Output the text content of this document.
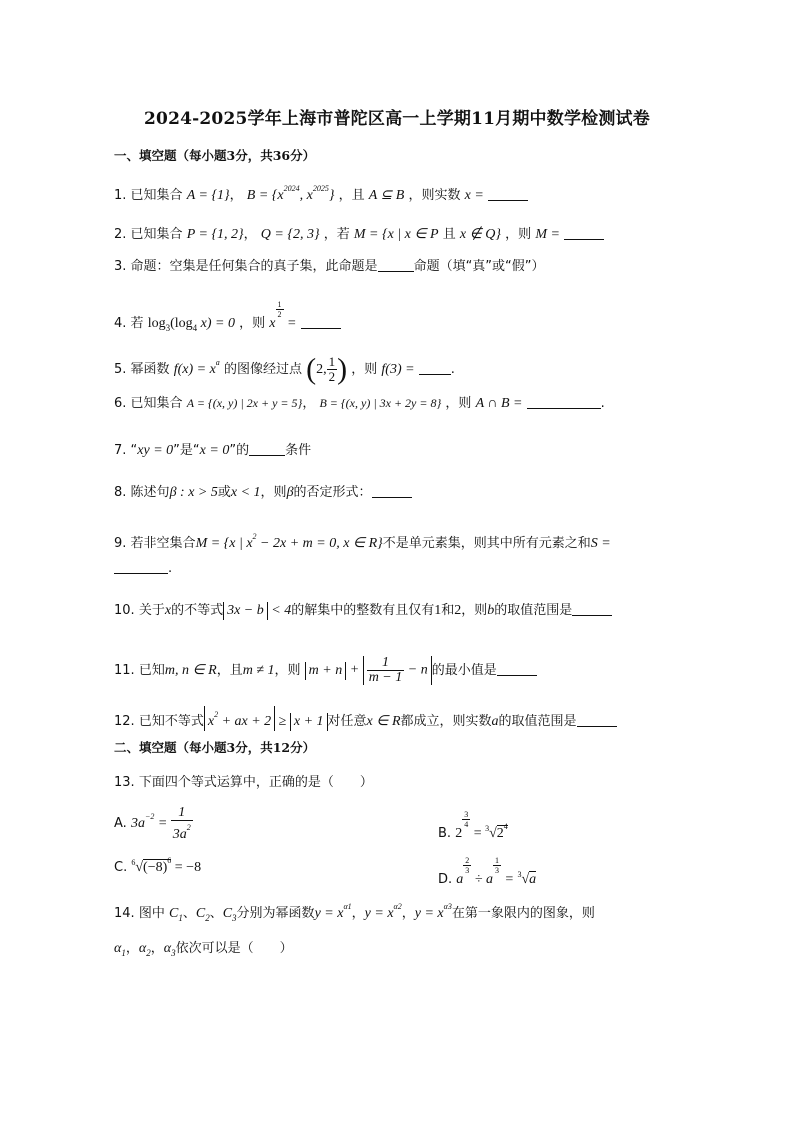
2024-2025学年上海市普陀区高一上学期11月期中数学检测试卷
一、填空题（每小题3分，共36分）
1. 已知集合 A = {1}， $B = \{x^{2024}$, $x^{2025}$} ，且 A ⊆ B ，则实数 x =
2. 已知集合 P = {1, 2}， Q = {2, 3} ，若 M = {x | x ∈ P 且 x ∉ Q} ，则 M =
3. 命题：空集是任何集合的真子集，此命题是	命题（填“真”或“假”）
4. 若 $\log_3(\log_4$ x) = 0 ，则 x
$\frac{1}{2}$
=
5. 幂函数 $f(x) = x^a$ 的图像经过点 (2, $\frac{1}{2}$ ) ，则 f(3) =	.
6. 已知集合 A = {(x, y) | 2x + y = 5}， B = {(x, y) | 3x + 2y = 8} ，则 A ∩ B =	.
7. “xy = 0”是“x = 0”的	条件
8. 陈述句β : x > 5或x < 1，则β的否定形式：
9. 若非空集合M = {x | $x^2 - 2x + m = 0$, x ∈ R}不是单元素集，则其中所有元素之和S =
.
10. 关于x的不等式 3x − b < 4的解集中的整数有且仅有1和2，则b的取值范围是
11. 已知m, n ∈ R，且m ≠ 1，则 $m + n + \frac{1}{m - 1} - n$ 的最小值是
12. 已知不等式 $x^2$ + ax + 2 ≥ x + 1 对任意x ∈ R都成立，则实数a的取值范围是
二、填空题（每小题3分，共12分）
13. 下面四个等式运算中，正确的是（　　）
A. $3a^{-2} = \frac{1}{3a^2}$	B. 2
$\frac{3}{4}$
= $^3√2^4$
C. $^6√(-8)^6 = -8$
D. a
$\frac{2}{3}$
÷ a
$\frac{1}{3}$
= $^3$√a
14. 图中 $C_1$、$C_2$、$C_3$分别为幂函数$y = x^{\alpha 1}$，$y = x^{\alpha 2}$，$y = x^{\alpha 3}$在第一象限内的图象，则
$\alpha_1$，$\alpha_2$，$\alpha_3$依次可以是（　　）
